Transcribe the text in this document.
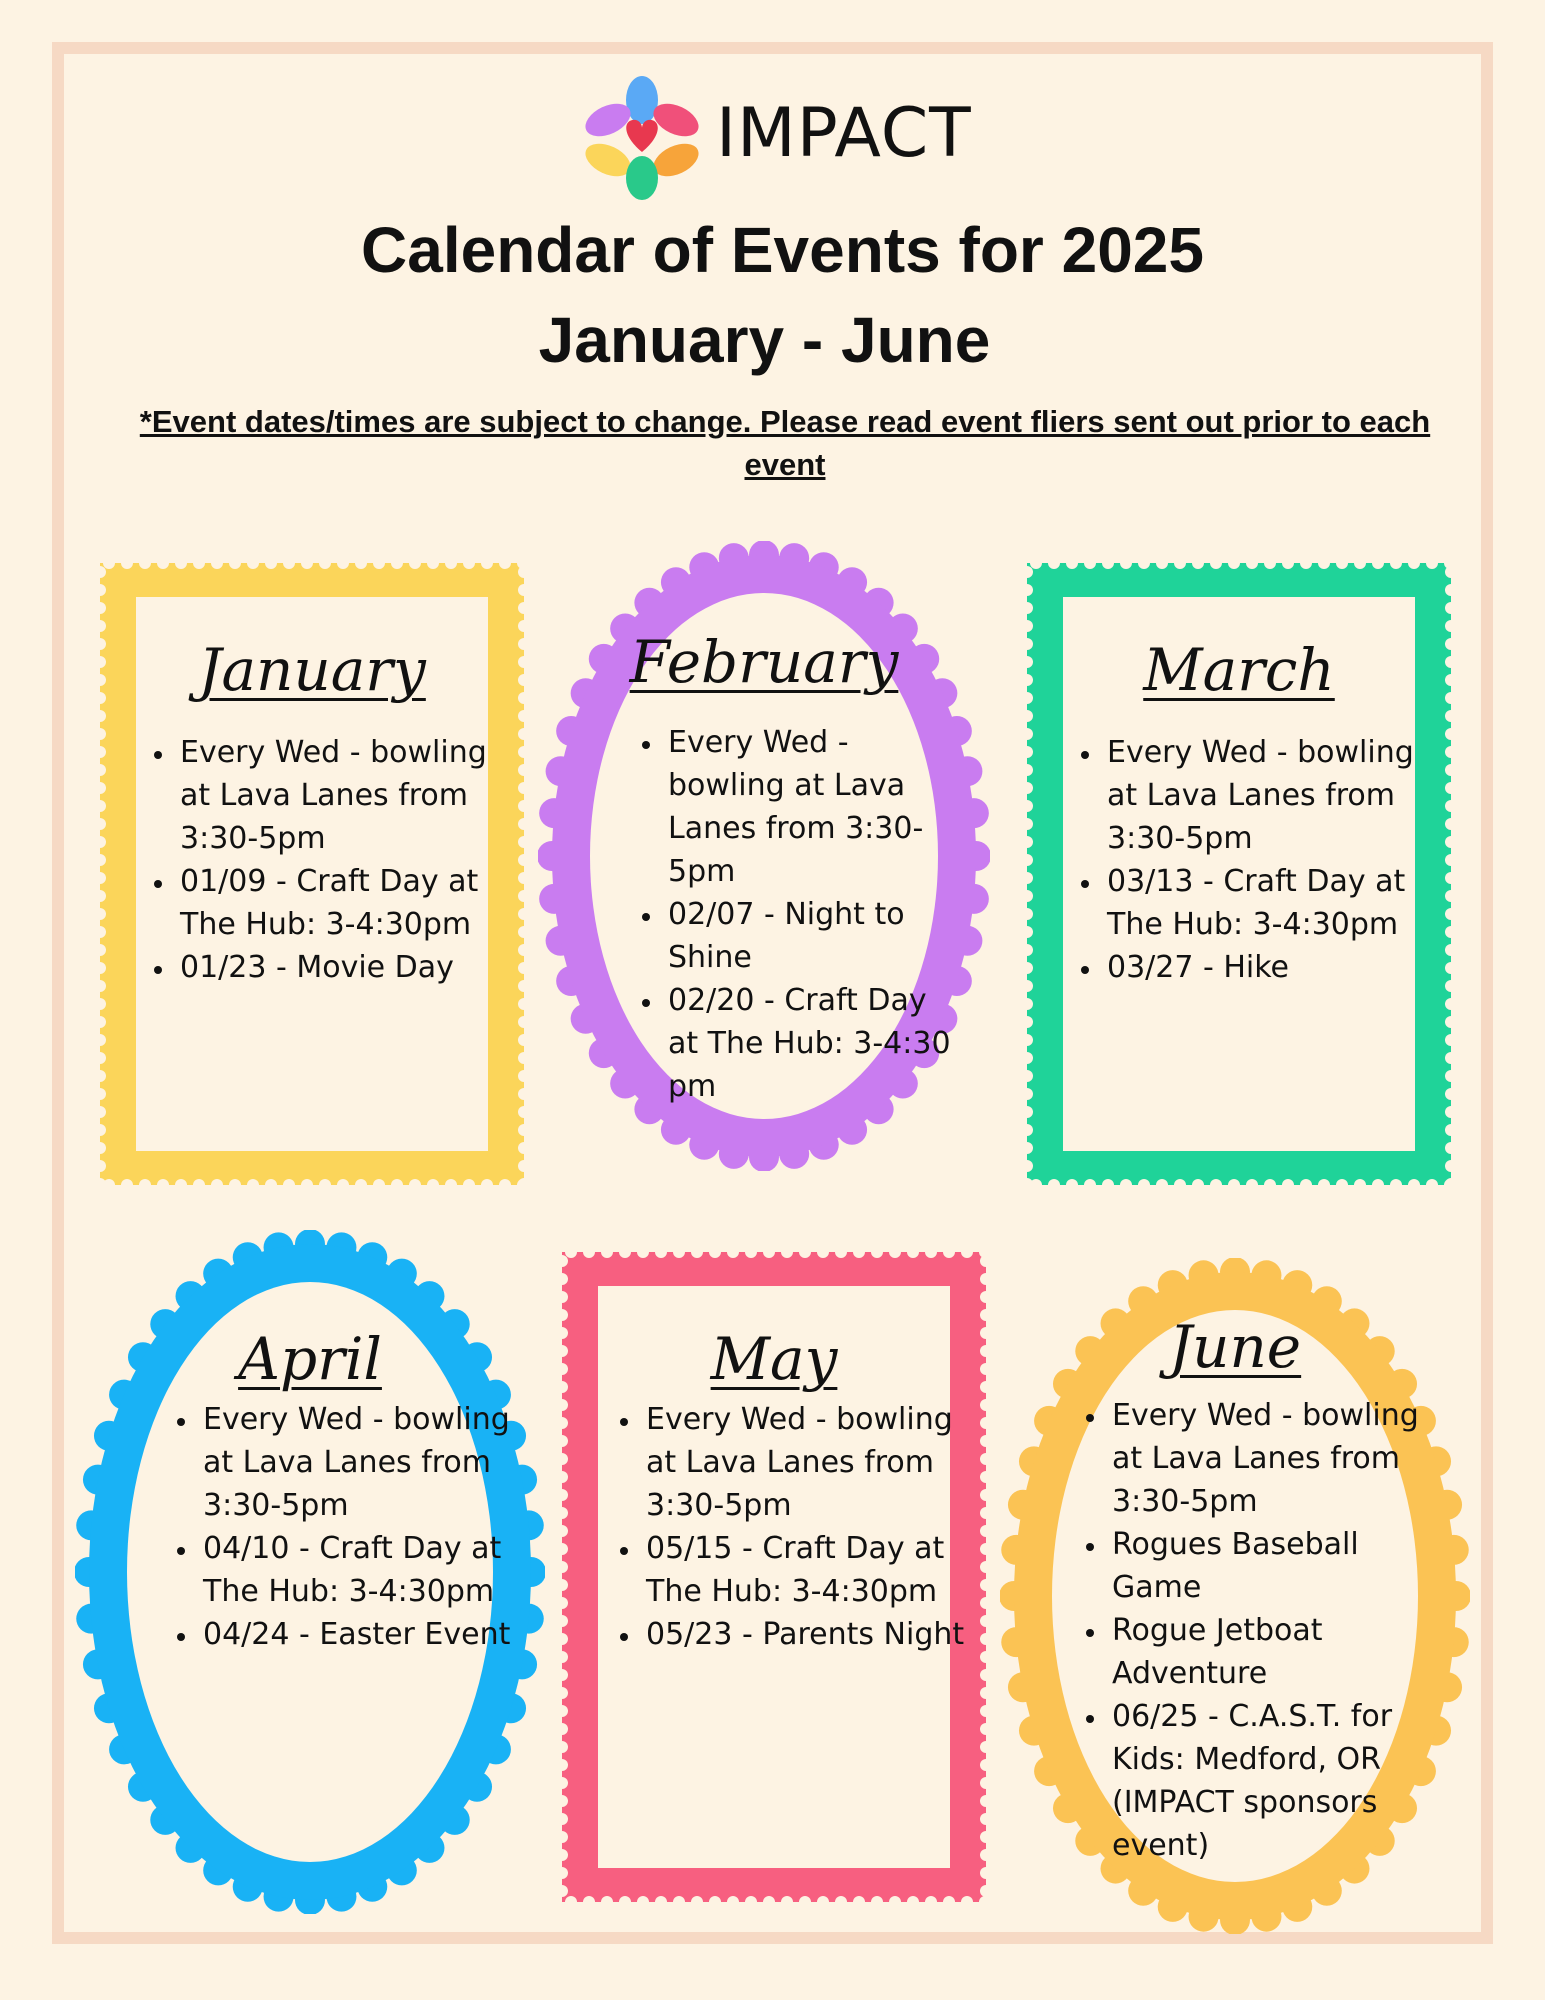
IMPACT
Calendar of Events for 2025
January - June
*Event dates/times are subject to change. Please read event fliers sent out prior to each event
January
• Every Wed - bowling at Lava Lanes from 3:30-5pm
• 01/09 - Craft Day at The Hub: 3-4:30pm
• 01/23 - Movie Day
February
• Every Wed - bowling at Lava Lanes from 3:30-5pm
• 02/07 - Night to Shine
• 02/20 - Craft Day at The Hub: 3-4:30 pm
March
• Every Wed - bowling at Lava Lanes from 3:30-5pm
• 03/13 - Craft Day at The Hub: 3-4:30pm
• 03/27 - Hike
April
• Every Wed - bowling at Lava Lanes from 3:30-5pm
• 04/10 - Craft Day at The Hub: 3-4:30pm
• 04/24 - Easter Event
May
• Every Wed - bowling at Lava Lanes from 3:30-5pm
• 05/15 - Craft Day at The Hub: 3-4:30pm
• 05/23 - Parents Night
June
• Every Wed - bowling at Lava Lanes from 3:30-5pm
• Rogues Baseball Game
• Rogue Jetboat Adventure
• 06/25 - C.A.S.T. for Kids: Medford, OR (IMPACT sponsors event)
